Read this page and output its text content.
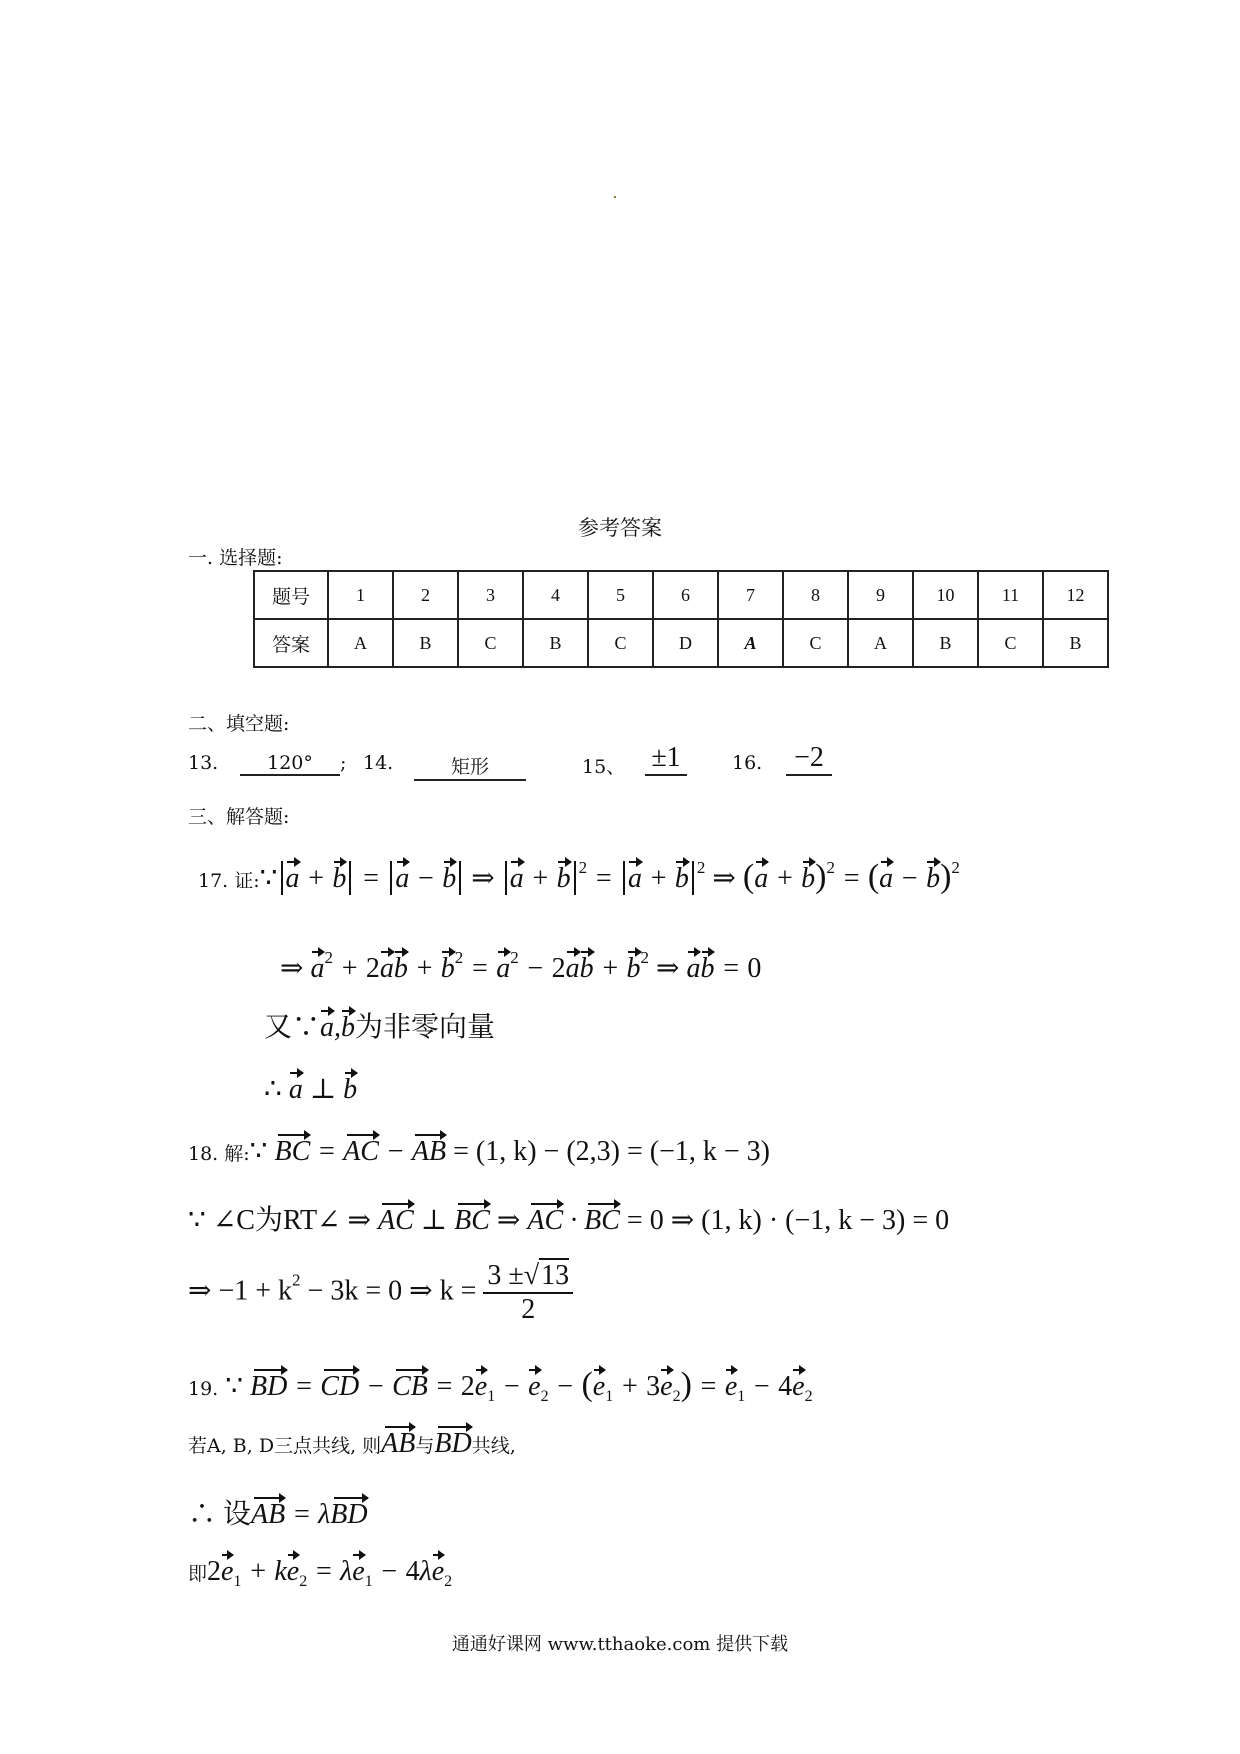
参考答案
一. 选择题:
题号	1	2	3	4	5	6	7	8	9	10	11	12
答案	A	B	C	B	C	D	A	C	A	B	C	B
二、填空题:
13.	120° ; 14.	矩形	15、 ±1	16. −2
三、解答题:
17. 证:∵ a + b = a − b ⇒ a + b $^2$ = a + b $^2$ ⇒ $(a + b)^2 = (a - b)^2$
⇒ $a^2 + 2ab + b^2 = a^2 - 2ab + b^2$ ⇒ ab = 0
又∵a,b为非零向量
∴ a ⊥ b
18. 解:∵ BC = AC − AB = (1, k) − (2,3) = (−1, k − 3)
∵ ∠C为RT∠ ⇒ AC ⊥ BC ⇒ AC · BC = 0 ⇒ (1, k) · (−1, k − 3) = 0
⇒ $-1 + k^2 - 3k = 0$ ⇒ $k = \frac{3 \pm√13}{2}$
19. ∵ BD = CD − CB = $2e_1 - e_2 - (e_1 + 3e_2) = e_1 - 4e_2$
若A, B, D三点共线, 则AB与BD共线,
∴ 设AB = λBD
即$2e_1 + ke_2 = \lambda e_1 - 4\lambda e_2$
通通好课网 www.tthaoke.com 提供下载
